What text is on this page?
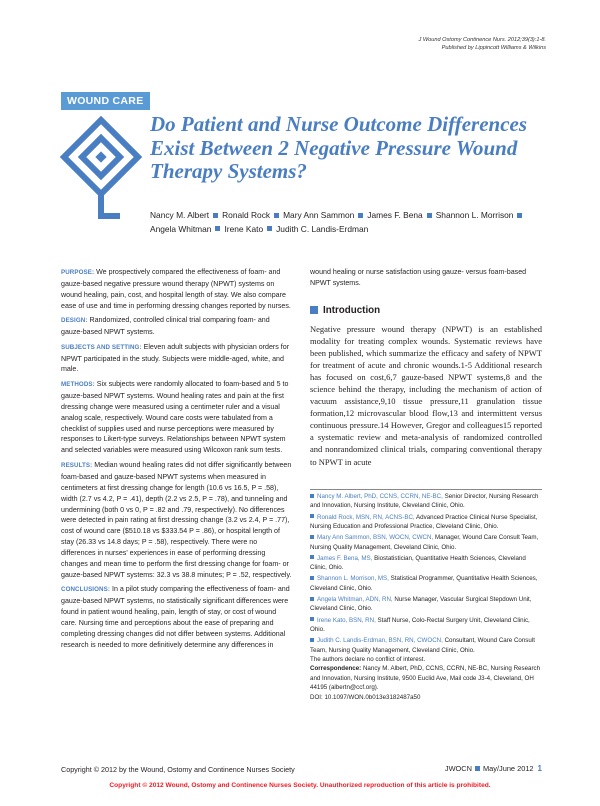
J Wound Ostomy Continence Nurs. 2012;39(3):1-8.
Published by Lippincott Williams & Wilkins
WOUND CARE
Do Patient and Nurse Outcome Differences Exist Between 2 Negative Pressure Wound Therapy Systems?
Nancy M. Albert Ronald Rock Mary Ann Sammon James F. Bena Shannon L. Morrison
Angela Whitman Irene Kato Judith C. Landis-Erdman

PURPOSE: We prospectively compared the effectiveness of foam- and gauze-based negative pressure wound therapy (NPWT) systems on wound healing, pain, cost, and hospital length of stay. We also compare ease of use and time in performing dressing changes reported by nurses.

DESIGN: Randomized, controlled clinical trial comparing foam- and gauze-based NPWT systems.

SUBJECTS AND SETTING: Eleven adult subjects with physician orders for NPWT participated in the study. Subjects were middle-aged, white, and male.

METHODS: Six subjects were randomly allocated to foam-based and 5 to gauze-based NPWT systems. Wound healing rates and pain at the first dressing change were measured using a centimeter ruler and a visual analog scale, respectively. Wound care costs were tabulated from a checklist of supplies used and nurse perceptions were measured by responses to Likert-type surveys. Relationships between NPWT system and selected variables were measured using Wilcoxon rank sum tests.

RESULTS: Median wound healing rates did not differ significantly between foam-based and gauze-based NPWT systems when measured in centimeters at first dressing change for length (10.6 vs 16.5, P = .58), width (2.7 vs 4.2, P = .41), depth (2.2 vs 2.5, P = .78), and tunneling and undermining (both 0 vs 0, P = .82 and .79, respectively). No differences were detected in pain rating at first dressing change (3.2 vs 2.4, P = .77), cost of wound care ($510.18 vs $333.54 P = .86), or hospital length of stay (26.33 vs 14.8 days; P = .58), respectively. There were no differences in nurses' experiences in ease of performing dressing changes and mean time to perform the first dressing change for foam- or gauze-based NPWT systems: 32.3 vs 38.8 minutes; P = .52, respectively.

CONCLUSIONS: In a pilot study comparing the effectiveness of foam- and gauze-based NPWT systems, no statistically significant differences were found in patient wound healing, pain, length of stay, or cost of wound care. Nursing time and perceptions about the ease of preparing and completing dressing changes did not differ between systems. Additional research is needed to more definitively determine any differences in

wound healing or nurse satisfaction using gauze- versus foam-based NPWT systems.
Introduction
Negative pressure wound therapy (NPWT) is an established modality for treating complex wounds. Systematic reviews have been published, which summarize the efficacy and safety of NPWT for treatment of acute and chronic wounds.1-5 Additional research has focused on cost,6,7 gauze-based NPWT systems,8 and the science behind the therapy, including the mechanism of action of vacuum assistance,9,10 tissue pressure,11 granulation tissue formation,12 microvascular blood flow,13 and intermittent versus continuous pressure.14 However, Gregor and colleagues15 reported a systematic review and meta-analysis of randomized controlled and nonrandomized clinical trials, comparing conventional therapy to NPWT in acute
Nancy M. Albert, PhD, CCNS, CCRN, NE-BC, Senior Director, Nursing Research and Innovation, Nursing Institute, Cleveland Clinic, Ohio.
Ronald Rock, MSN, RN, ACNS-BC, Advanced Practice Clinical Nurse Specialist, Nursing Education and Professional Practice, Cleveland Clinic, Ohio.
Mary Ann Sammon, BSN, WOCN, CWCN, Manager, Wound Care Consult Team, Nursing Quality Management, Cleveland Clinic, Ohio.
James F. Bena, MS, Biostatistician, Quantitative Health Sciences, Cleveland Clinic, Ohio.
Shannon L. Morrison, MS, Statistical Programmer, Quantitative Health Sciences, Cleveland Clinic, Ohio.
Angela Whitman, ADN, RN, Nurse Manager, Vascular Surgical Stepdown Unit, Cleveland Clinic, Ohio.
Irene Kato, BSN, RN, Staff Nurse, Colo-Rectal Surgery Unit, Cleveland Clinic, Ohio.
Judith C. Landis-Erdman, BSN, RN, CWOCN, Consultant, Wound Care Consult Team, Nursing Quality Management, Cleveland Clinic, Ohio.
The authors declare no conflict of interest.
Correspondence: Nancy M. Albert, PhD, CCNS, CCRN, NE-BC, Nursing Research and Innovation, Nursing Institute, 9500 Euclid Ave, Mail code J3-4, Cleveland, OH 44195 (albertn@ccf.org).
DOI: 10.1097/WON.0b013e3182487a50
Copyright © 2012 by the Wound, Ostomy and Continence Nurses Society	JWOCN May/June 2012 1
Copyright © 2012 Wound, Ostomy and Continence Nurses Society. Unauthorized reproduction of this article is prohibited.
